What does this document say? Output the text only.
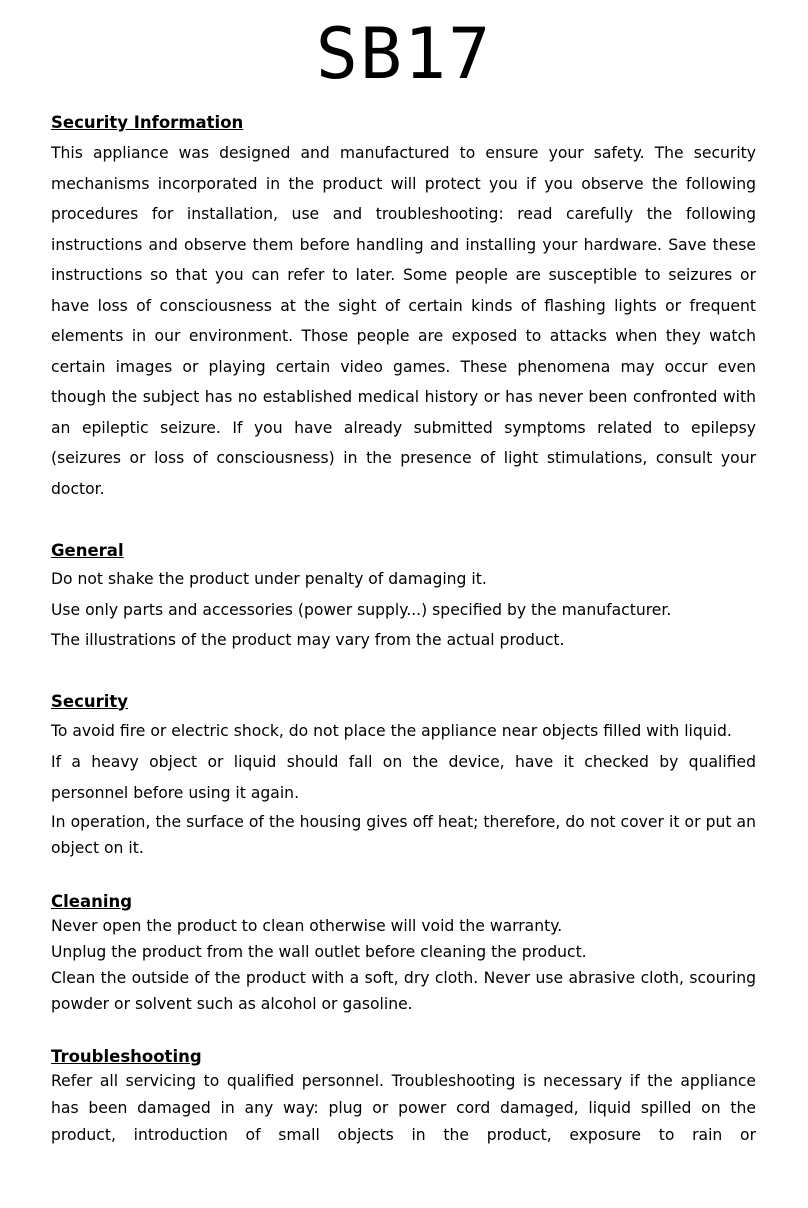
SB17

Security Information

This appliance was designed and manufactured to ensure your safety. The security mechanisms incorporated in the product will protect you if you observe the following procedures for installation, use and troubleshooting: read carefully the following instructions and observe them before handling and installing your hardware. Save these instructions so that you can refer to later. Some people are susceptible to seizures or have loss of consciousness at the sight of certain kinds of flashing lights or frequent elements in our environment. Those people are exposed to attacks when they watch certain images or playing certain video games. These phenomena may occur even though the subject has no established medical history or has never been confronted with an epileptic seizure. If you have already submitted symptoms related to epilepsy (seizures or loss of consciousness) in the presence of light stimulations, consult your doctor.

General

Do not shake the product under penalty of damaging it.

Use only parts and accessories (power supply...) specified by the manufacturer.

The illustrations of the product may vary from the actual product.

Security

To avoid fire or electric shock, do not place the appliance near objects filled with liquid.

If a heavy object or liquid should fall on the device, have it checked by qualified personnel before using it again.

In operation, the surface of the housing gives off heat; therefore, do not cover it or put an object on it.

Cleaning

Never open the product to clean otherwise will void the warranty.

Unplug the product from the wall outlet before cleaning the product.

Clean the outside of the product with a soft, dry cloth. Never use abrasive cloth, scouring powder or solvent such as alcohol or gasoline.

Troubleshooting

Refer all servicing to qualified personnel. Troubleshooting is necessary if the appliance has been damaged in any way: plug or power cord damaged, liquid spilled on the product, introduction of small objects in the product, exposure to rain or
